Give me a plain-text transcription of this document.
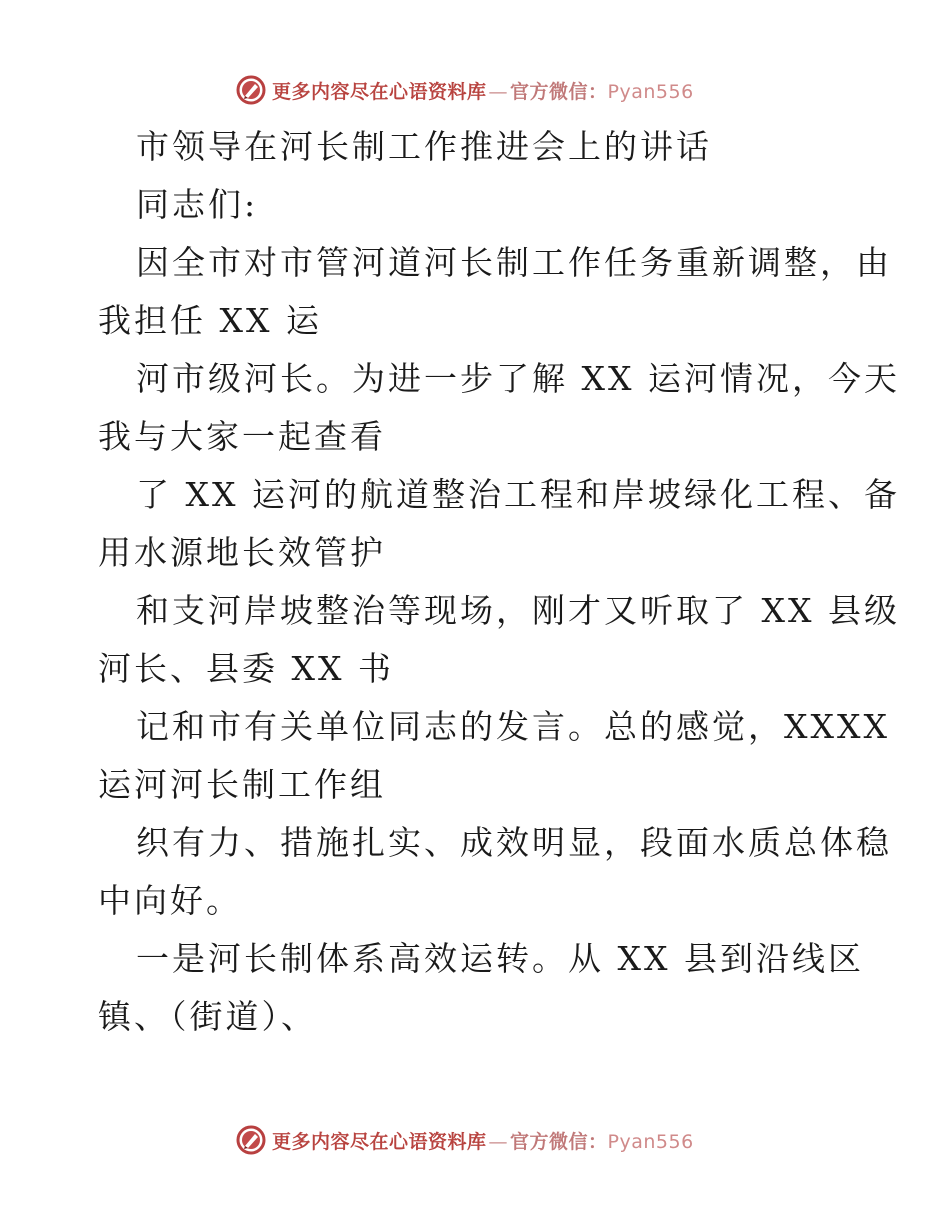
更多内容尽在心语资料库 — 官方微信：Pyan556
市领导在河长制工作推进会上的讲话
同志们:
因全市对市管河道河长制工作任务重新调整，由
我担任 XX 运
河市级河长。为进一步了解 XX 运河情况，今天
我与大家一起查看
了 XX 运河的航道整治工程和岸坡绿化工程、备
用水源地长效管护
和支河岸坡整治等现场，刚才又听取了 XX 县级
河长、县委 XX 书
记和市有关单位同志的发言。总的感觉，XXXX
运河河长制工作组
织有力、措施扎实、成效明显，段面水质总体稳
中向好。
一是河长制体系高效运转。从 XX 县到沿线区
镇、（街道）、
更多内容尽在心语资料库 — 官方微信：Pyan556
